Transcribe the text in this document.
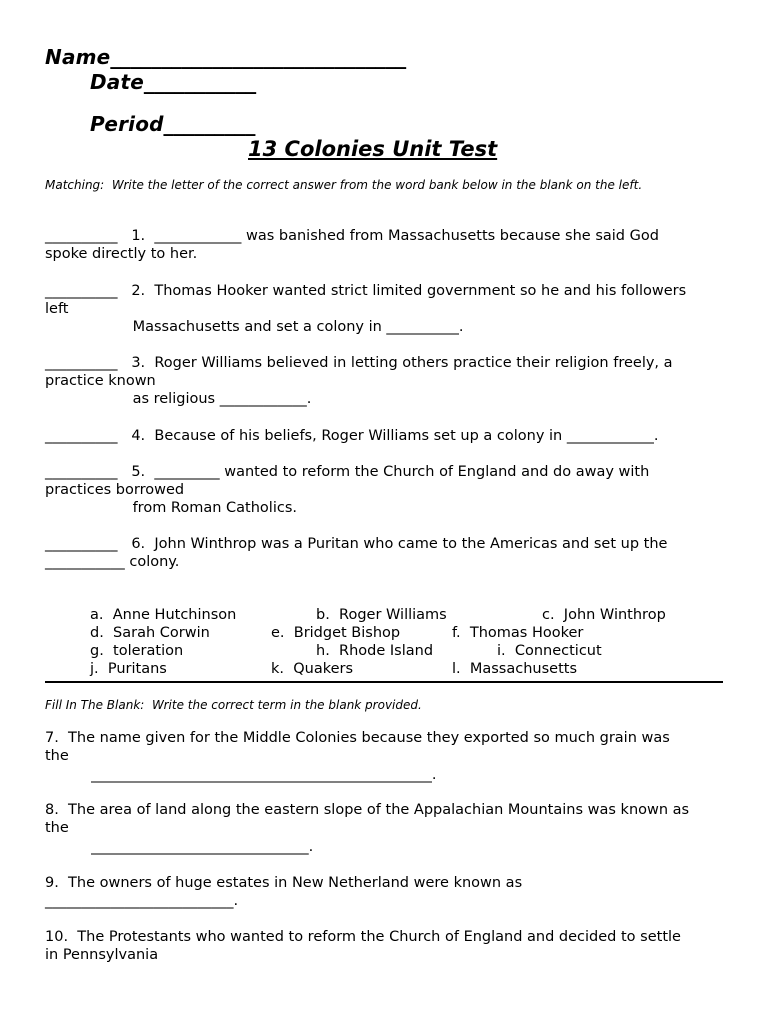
Name_____________________________
Date___________
Period_________
13 Colonies Unit Test
Matching:  Write the letter of the correct answer from the word bank below in the blank on the left.
__________   1.  ____________ was banished from Massachusetts because she said God
spoke directly to her.
__________   2.  Thomas Hooker wanted strict limited government so he and his followers
left
Massachusetts and set a colony in __________.
__________   3.  Roger Williams believed in letting others practice their religion freely, a
practice known
as religious ____________.
__________   4.  Because of his beliefs, Roger Williams set up a colony in ____________.
__________   5.  _________ wanted to reform the Church of England and do away with
practices borrowed
from Roman Catholics.
__________   6.  John Winthrop was a Puritan who came to the Americas and set up the
___________ colony.
a.  Anne Hutchinson	b.  Roger Williams	c.  John Winthrop
d.  Sarah Corwin	e.  Bridget Bishop	f.  Thomas Hooker
g.  toleration	h.  Rhode Island	i.  Connecticut
j.  Puritans	k.  Quakers	l.  Massachusetts
Fill In The Blank:  Write the correct term in the blank provided.
7.  The name given for the Middle Colonies because they exported so much grain was
the
_______________________________________________.
8.  The area of land along the eastern slope of the Appalachian Mountains was known as
the
______________________________.
9.  The owners of huge estates in New Netherland were known as
__________________________.
10.  The Protestants who wanted to reform the Church of England and decided to settle
in Pennsylvania
